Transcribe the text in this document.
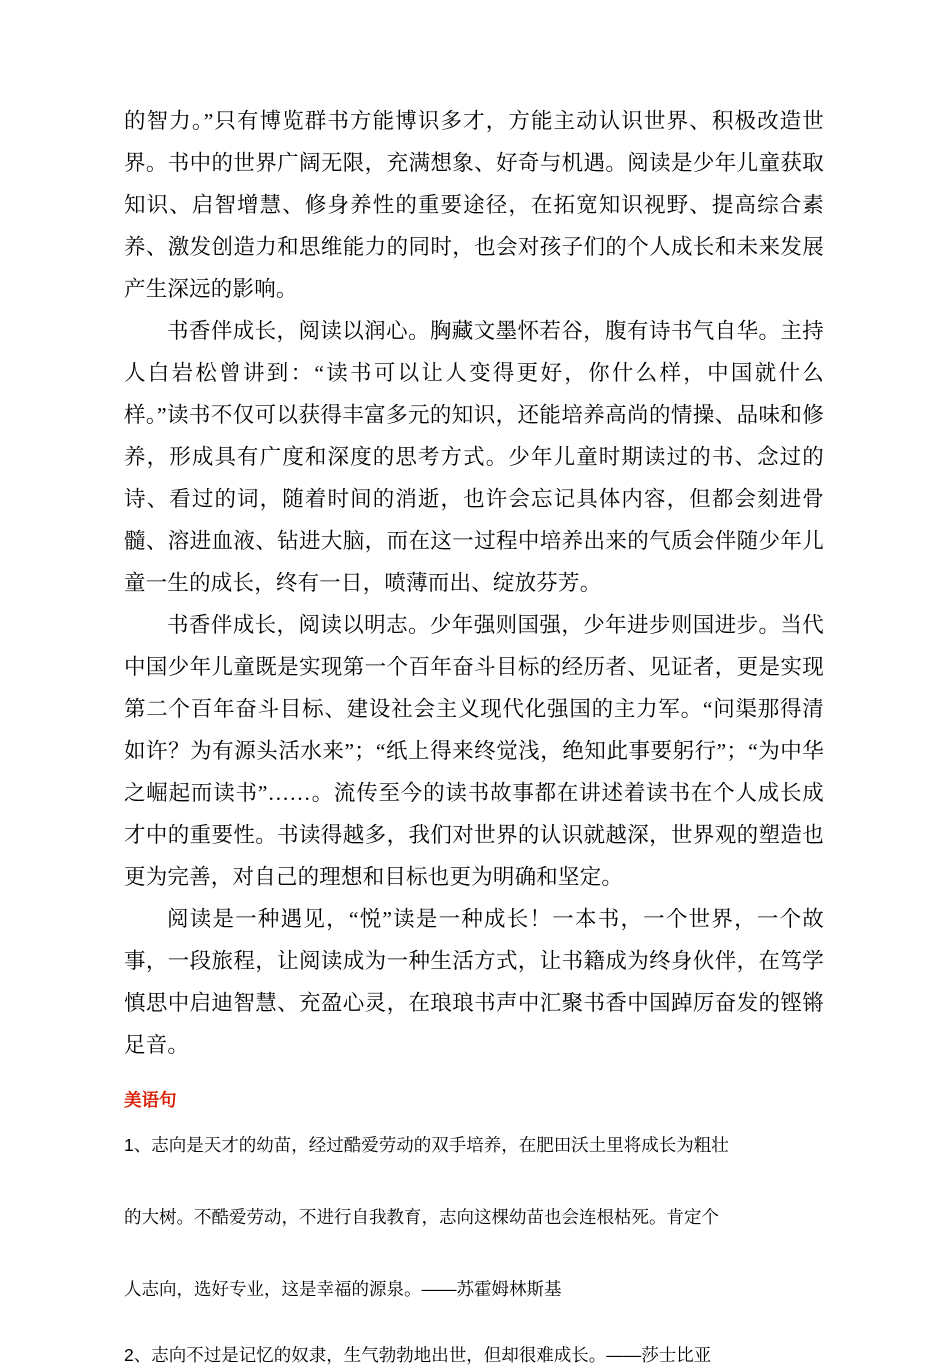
的智力。”只有博览群书方能博识多才，方能主动认识世界、积极改造世界。书中的世界广阔无限，充满想象、好奇与机遇。阅读是少年儿童获取知识、启智增慧、修身养性的重要途径，在拓宽知识视野、提高综合素养、激发创造力和思维能力的同时，也会对孩子们的个人成长和未来发展产生深远的影响。

书香伴成长，阅读以润心。胸藏文墨怀若谷，腹有诗书气自华。主持人白岩松曾讲到：“读书可以让人变得更好，你什么样，中国就什么样。”读书不仅可以获得丰富多元的知识，还能培养高尚的情操、品味和修养，形成具有广度和深度的思考方式。少年儿童时期读过的书、念过的诗、看过的词，随着时间的消逝，也许会忘记具体内容，但都会刻进骨髓、溶进血液、钻进大脑，而在这一过程中培养出来的气质会伴随少年儿童一生的成长，终有一日，喷薄而出、绽放芬芳。

书香伴成长，阅读以明志。少年强则国强，少年进步则国进步。当代中国少年儿童既是实现第一个百年奋斗目标的经历者、见证者，更是实现第二个百年奋斗目标、建设社会主义现代化强国的主力军。“问渠那得清如许？为有源头活水来”；“纸上得来终觉浅，绝知此事要躬行”；“为中华之崛起而读书”……。流传至今的读书故事都在讲述着读书在个人成长成才中的重要性。书读得越多，我们对世界的认识就越深，世界观的塑造也更为完善，对自己的理想和目标也更为明确和坚定。

阅读是一种遇见，“悦”读是一种成长！一本书，一个世界，一个故事，一段旅程，让阅读成为一种生活方式，让书籍成为终身伙伴，在笃学慎思中启迪智慧、充盈心灵，在琅琅书声中汇聚书香中国踔厉奋发的铿锵足音。

美语句
1、志向是天才的幼苗，经过酷爱劳动的双手培养，在肥田沃土里将成长为粗壮
的大树。不酷爱劳动，不进行自我教育，志向这棵幼苗也会连根枯死。肯定个
人志向，选好专业，这是幸福的源泉。——苏霍姆林斯基
2、志向不过是记忆的奴隶，生气勃勃地出世，但却很难成长。——莎士比亚
